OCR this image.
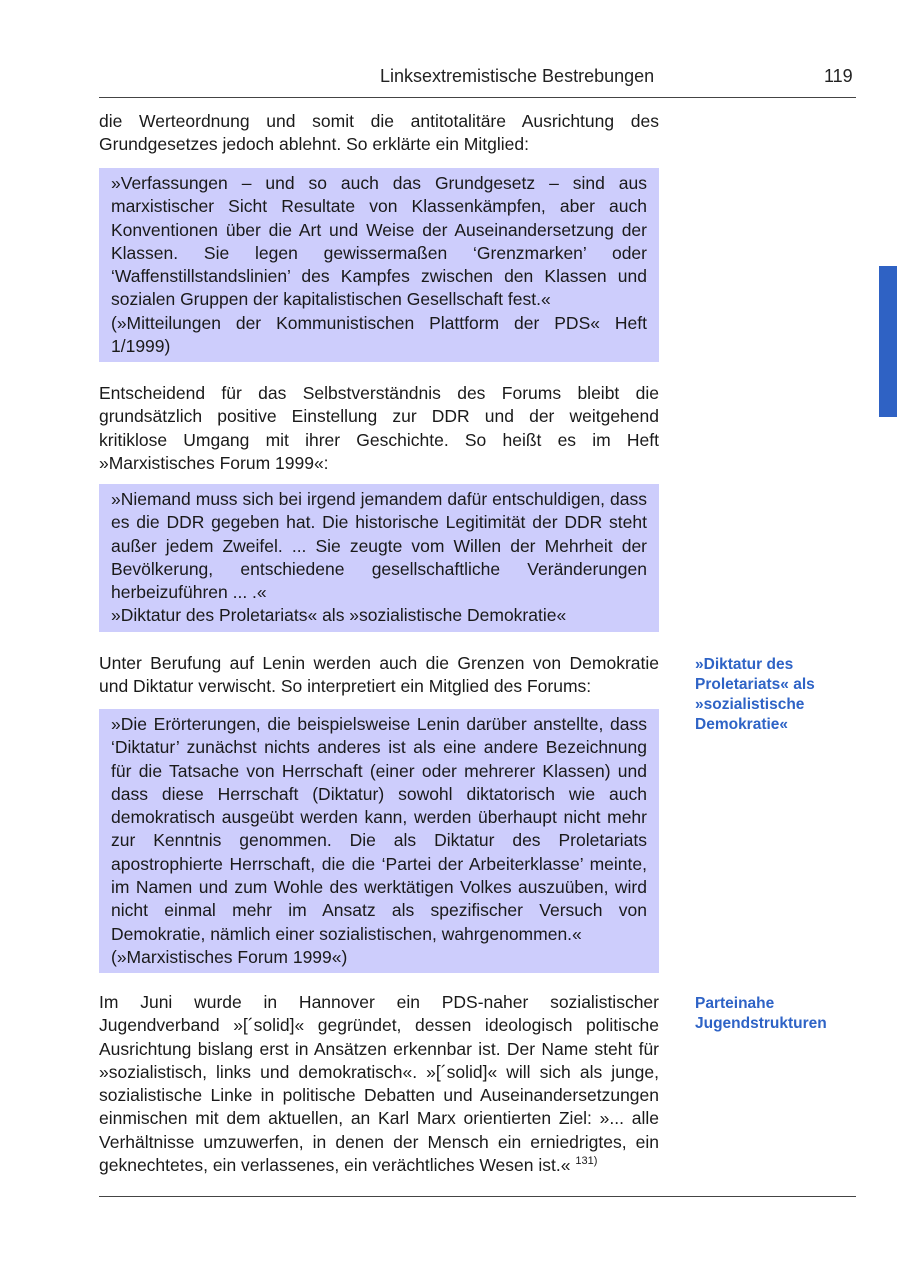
Linksextremistische Bestrebungen	119

die Werteordnung und somit die antitotalitäre Ausrichtung des Grundgesetzes jedoch ablehnt. So erklärte ein Mitglied:

»Verfassungen – und so auch das Grundgesetz – sind aus marxistischer Sicht Resultate von Klassenkämpfen, aber auch Konventionen über die Art und Weise der Auseinandersetzung der Klassen. Sie legen gewissermaßen ‘Grenzmarken’ oder ‘Waffenstillstandslinien’ des Kampfes zwischen den Klassen und sozialen Gruppen der kapitalistischen Gesellschaft fest.«

(»Mitteilungen der Kommunistischen Plattform der PDS« Heft 1/1999)

Entscheidend für das Selbstverständnis des Forums bleibt die grundsätzlich positive Einstellung zur DDR und der weitgehend kritiklose Umgang mit ihrer Geschichte. So heißt es im Heft »Marxistisches Forum 1999«:

»Niemand muss sich bei irgend jemandem dafür entschuldigen, dass es die DDR gegeben hat. Die historische Legitimität der DDR steht außer jedem Zweifel. ... Sie zeugte vom Willen der Mehrheit der Bevölkerung, entschiedene gesellschaftliche Veränderungen herbeizuführen ... .«

»Diktatur des Proletariats« als »sozialistische Demokratie«

Unter Berufung auf Lenin werden auch die Grenzen von Demokratie und Diktatur verwischt. So interpretiert ein Mitglied des Forums:

»Diktatur des Proletariats« als »sozialistische Demokratie«

»Die Erörterungen, die beispielsweise Lenin darüber anstellte, dass ‘Diktatur’ zunächst nichts anderes ist als eine andere Bezeichnung für die Tatsache von Herrschaft (einer oder mehrerer Klassen) und dass diese Herrschaft (Diktatur) sowohl diktatorisch wie auch demokratisch ausgeübt werden kann, werden überhaupt nicht mehr zur Kenntnis genommen. Die als Diktatur des Proletariats apostrophierte Herrschaft, die die ‘Partei der Arbeiterklasse’ meinte, im Namen und zum Wohle des werktätigen Volkes auszuüben, wird nicht einmal mehr im Ansatz als spezifischer Versuch von Demokratie, nämlich einer sozialistischen, wahrgenommen.«

(»Marxistisches Forum 1999«)

Im Juni wurde in Hannover ein PDS-naher sozialistischer Jugendverband »[´solid]« gegründet, dessen ideologisch politische Ausrichtung bislang erst in Ansätzen erkennbar ist. Der Name steht für »sozialistisch, links und demokratisch«. »[´solid]« will sich als junge, sozialistische Linke in politische Debatten und Auseinandersetzungen einmischen mit dem aktuellen, an Karl Marx orientierten Ziel: »... alle Verhältnisse umzuwerfen, in denen der Mensch ein erniedrigtes, ein geknechtetes, ein verlassenes, ein verächtliches Wesen ist.« $^{131)}$

Parteinahe Jugendstrukturen
